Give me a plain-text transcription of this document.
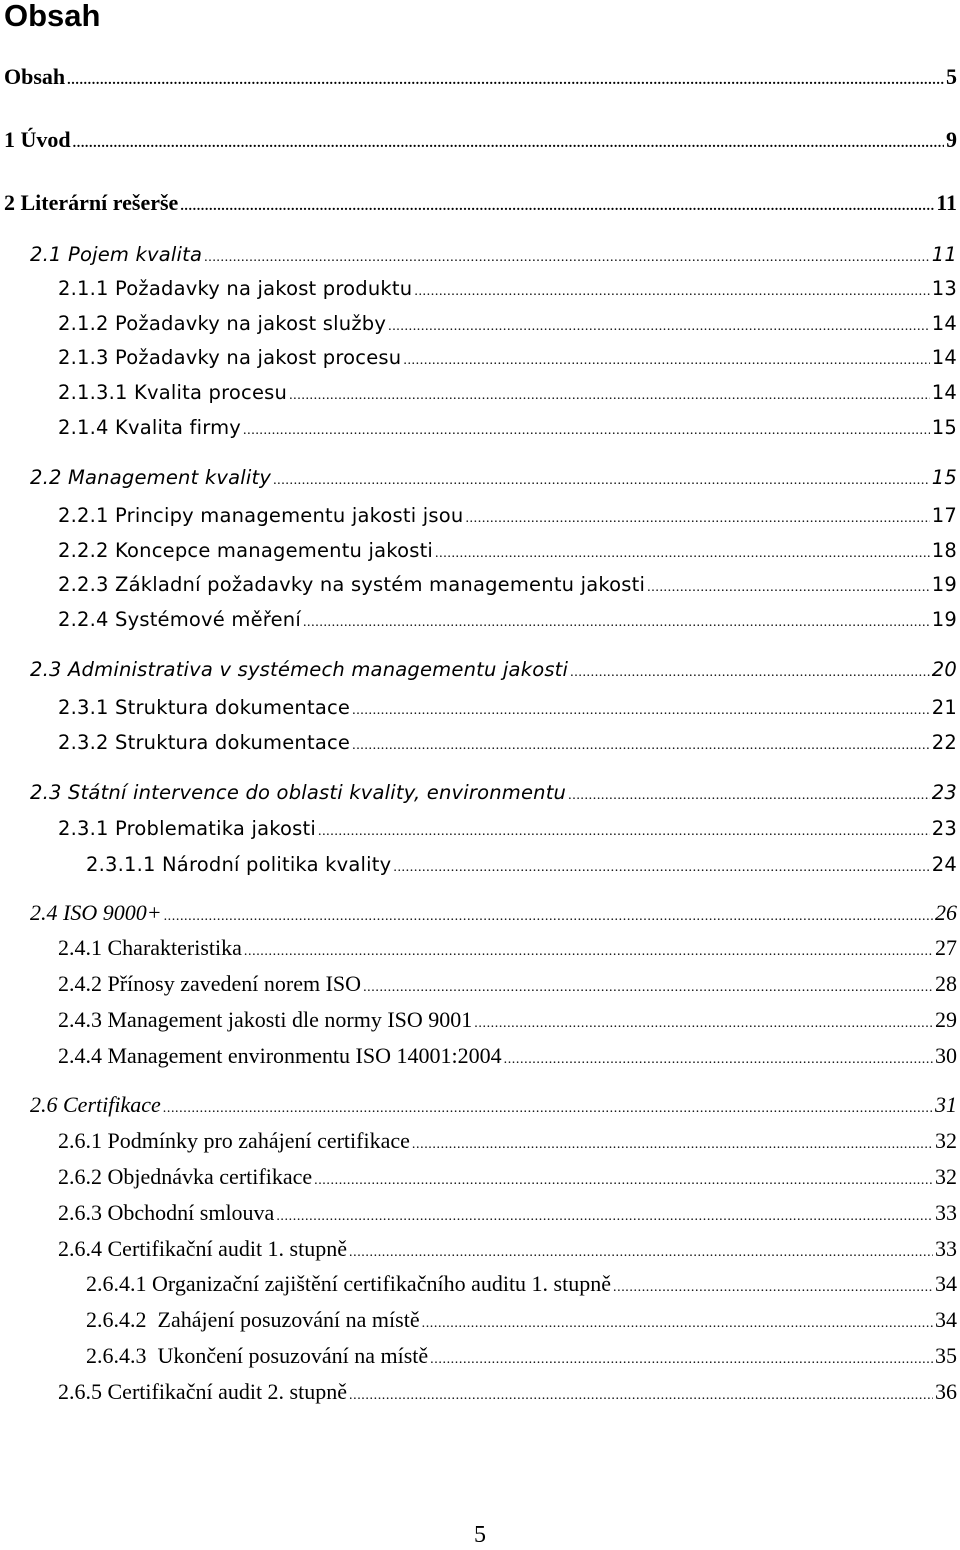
Obsah
Obsah .....	5
1 Úvod .....	9
2 Literární rešerše .....	11
2.1 Pojem kvalita .....	11
2.1.1 Požadavky na jakost produktu .....	13
2.1.2 Požadavky na jakost služby .....	14
2.1.3 Požadavky na jakost procesu .....	14
2.1.3.1 Kvalita procesu .....	14
2.1.4 Kvalita firmy .....	15
2.2 Management kvality .....	15
2.2.1 Principy managementu jakosti jsou .....	17
2.2.2 Koncepce managementu jakosti .....	18
2.2.3 Základní požadavky na systém managementu jakosti .....	19
2.2.4 Systémové měření .....	19
2.3 Administrativa v systémech managementu jakosti .....	20
2.3.1 Struktura dokumentace .....	21
2.3.2 Struktura dokumentace .....	22
2.3 Státní intervence do oblasti kvality, environmentu .....	23
2.3.1 Problematika jakosti .....	23
2.3.1.1 Národní politika kvality .....	24
2.4 ISO 9000+ .....	26
2.4.1 Charakteristika .....	27
2.4.2 Přínosy zavedení norem ISO .....	28
2.4.3 Management jakosti dle normy ISO 9001 .....	29
2.4.4 Management environmentu ISO 14001:2004 .....	30
2.6 Certifikace .....	31
2.6.1 Podmínky pro zahájení certifikace .....	32
2.6.2 Objednávka certifikace .....	32
2.6.3 Obchodní smlouva .....	33
2.6.4 Certifikační audit 1. stupně .....	33
2.6.4.1 Organizační zajištění certifikačního auditu 1. stupně .....	34
2.6.4.2  Zahájení posuzování na místě .....	34
2.6.4.3  Ukončení posuzování na místě .....	35
2.6.5 Certifikační audit 2. stupně .....	36
5
